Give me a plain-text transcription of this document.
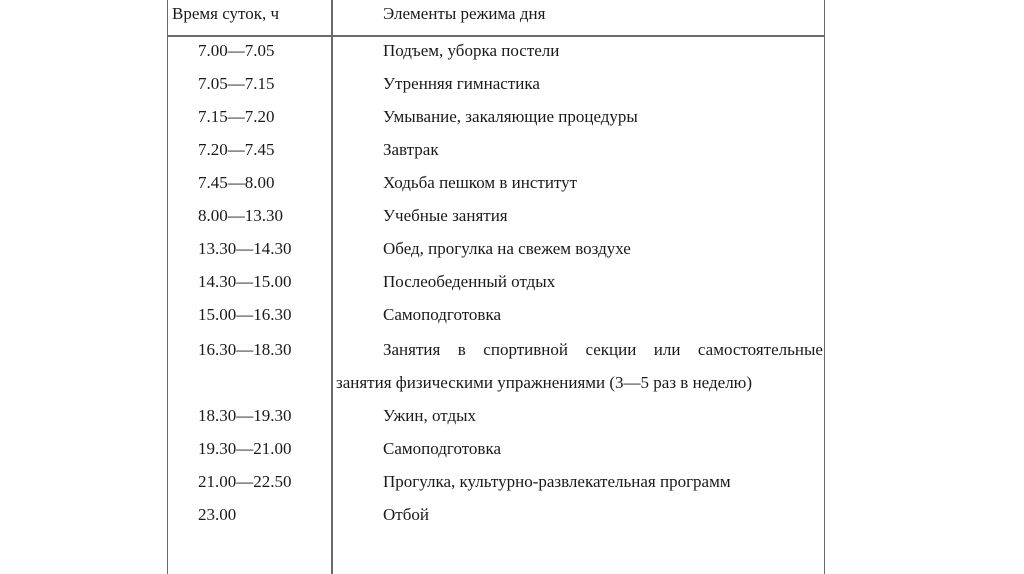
Время суток, ч	Элементы режима дня
7.00—7.05	Подъем, уборка постели
7.05—7.15	Утренняя гимнастика
7.15—7.20	Умывание, закаляющие процедуры
7.20—7.45	Завтрак
7.45—8.00	Ходьба пешком в институт
8.00—13.30	Учебные занятия
13.30—14.30	Обед, прогулка на свежем воздухе
14.30—15.00	Послеобеденный отдых
15.00—16.30	Самоподготовка
16.30—18.30	Занятия в спортивной секции или самостоятельные
занятия физическими упражнениями (3—5 раз в неделю)
18.30—19.30	Ужин, отдых
19.30—21.00	Самоподготовка
21.00—22.50	Прогулка, культурно-развлекательная программ
23.00	Отбой
